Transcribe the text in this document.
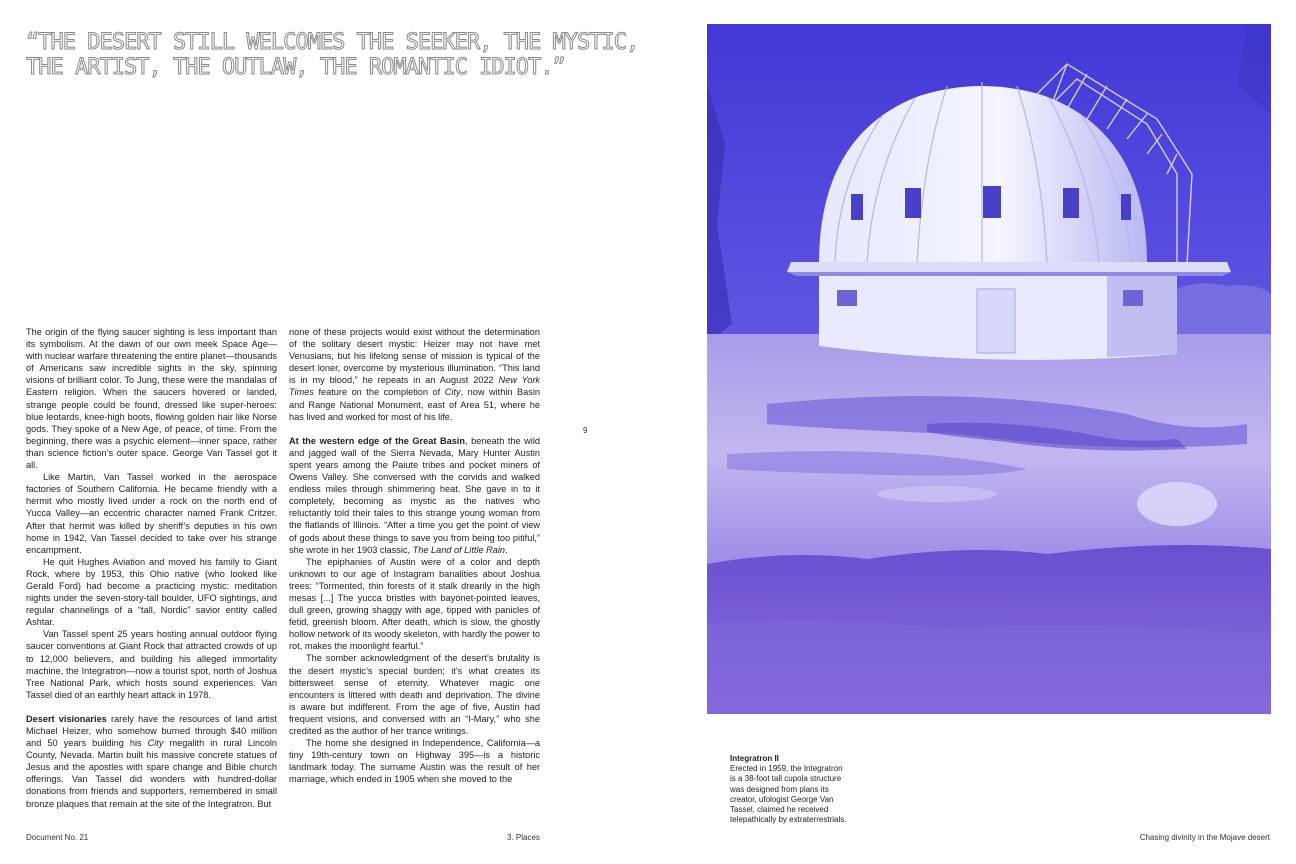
“THE DESERT STILL WELCOMES THE SEEKER, THE MYSTIC,
THE ARTIST, THE OUTLAW, THE ROMANTIC IDIOT.”

The origin of the flying saucer sighting is less important than its symbolism. At the dawn of our own meek Space Age—with nuclear warfare threatening the entire planet—thousands of Americans saw incredible sights in the sky, spinning visions of brilliant color. To Jung, these were the mandalas of Eastern religion. When the saucers hovered or landed, strange people could be found, dressed like super-heroes: blue leotards, knee-high boots, flowing golden hair like Norse gods. They spoke of a New Age, of peace, of time. From the beginning, there was a psychic element—inner space, rather than science fiction’s outer space. George Van Tassel got it all.

Like Martin, Van Tassel worked in the aerospace factories of Southern California. He became friendly with a hermit who mostly lived under a rock on the north end of Yucca Valley—an eccentric character named Frank Critzer. After that hermit was killed by sheriff’s deputies in his own home in 1942, Van Tassel decided to take over his strange encampment.

He quit Hughes Aviation and moved his family to Giant Rock, where by 1953, this Ohio native (who looked like Gerald Ford) had become a practicing mystic: meditation nights under the seven-story-tall boulder, UFO sightings, and regular channelings of a “tall, Nordic” savior entity called Ashtar.

Van Tassel spent 25 years hosting annual outdoor flying saucer conventions at Giant Rock that attracted crowds of up to 12,000 believers, and building his alleged immortality machine, the Integratron—now a tourist spot, north of Joshua Tree National Park, which hosts sound experiences. Van Tassel died of an earthly heart attack in 1978.

Desert visionaries rarely have the resources of land artist Michael Heizer, who somehow burned through $40 million and 50 years building his City megalith in rural Lincoln County, Nevada. Martin built his massive concrete statues of Jesus and the apostles with spare change and Bible church offerings. Van Tassel did wonders with hundred-dollar donations from friends and supporters, remembered in small bronze plaques that remain at the site of the Integratron. But

none of these projects would exist without the determination of the solitary desert mystic: Heizer may not have met Venusians, but his lifelong sense of mission is typical of the desert loner, overcome by mysterious illumination. “This land is in my blood,” he repeats in an August 2022 New York Times feature on the completion of City, now within Basin and Range National Monument, east of Area 51, where he has lived and worked for most of his life.

At the western edge of the Great Basin, beneath the wild and jagged wall of the Sierra Nevada, Mary Hunter Austin spent years among the Paiute tribes and pocket miners of Owens Valley. She conversed with the corvids and walked endless miles through shimmering heat. She gave in to it completely, becoming as mystic as the natives who reluctantly told their tales to this strange young woman from the flatlands of Illinois. “After a time you get the point of view of gods about these things to save you from being too pitiful,” she wrote in her 1903 classic, The Land of Little Rain.

The epiphanies of Austin were of a color and depth unknown to our age of Instagram banalities about Joshua trees: “Tormented, thin forests of it stalk drearily in the high mesas [...] The yucca bristles with bayonet-pointed leaves, dull green, growing shaggy with age, tipped with panicles of fetid, greenish bloom. After death, which is slow, the ghostly hollow network of its woody skeleton, with hardly the power to rot, makes the moonlight fearful.”

The somber acknowledgment of the desert’s brutality is the desert mystic’s special burden; it’s what creates its bittersweet sense of eternity. Whatever magic one encounters is littered with death and deprivation. The divine is aware but indifferent. From the age of five, Austin had frequent visions, and conversed with an “I-Mary,” who she credited as the author of her trance writings.

The home she designed in Independence, California—a tiny 19th-century town on Highway 395—is a historic landmark today. The surname Austin was the result of her marriage, which ended in 1905 when she moved to the

9
Integratron II
Erected in 1959, the Integratron is a 38-foot tall cupola structure was designed from plans its creator, ufologist George Van Tassel, claimed he received telepathically by extraterrestrials.
Document No. 21	3. Places	Chasing divinity in the Mojave desert
